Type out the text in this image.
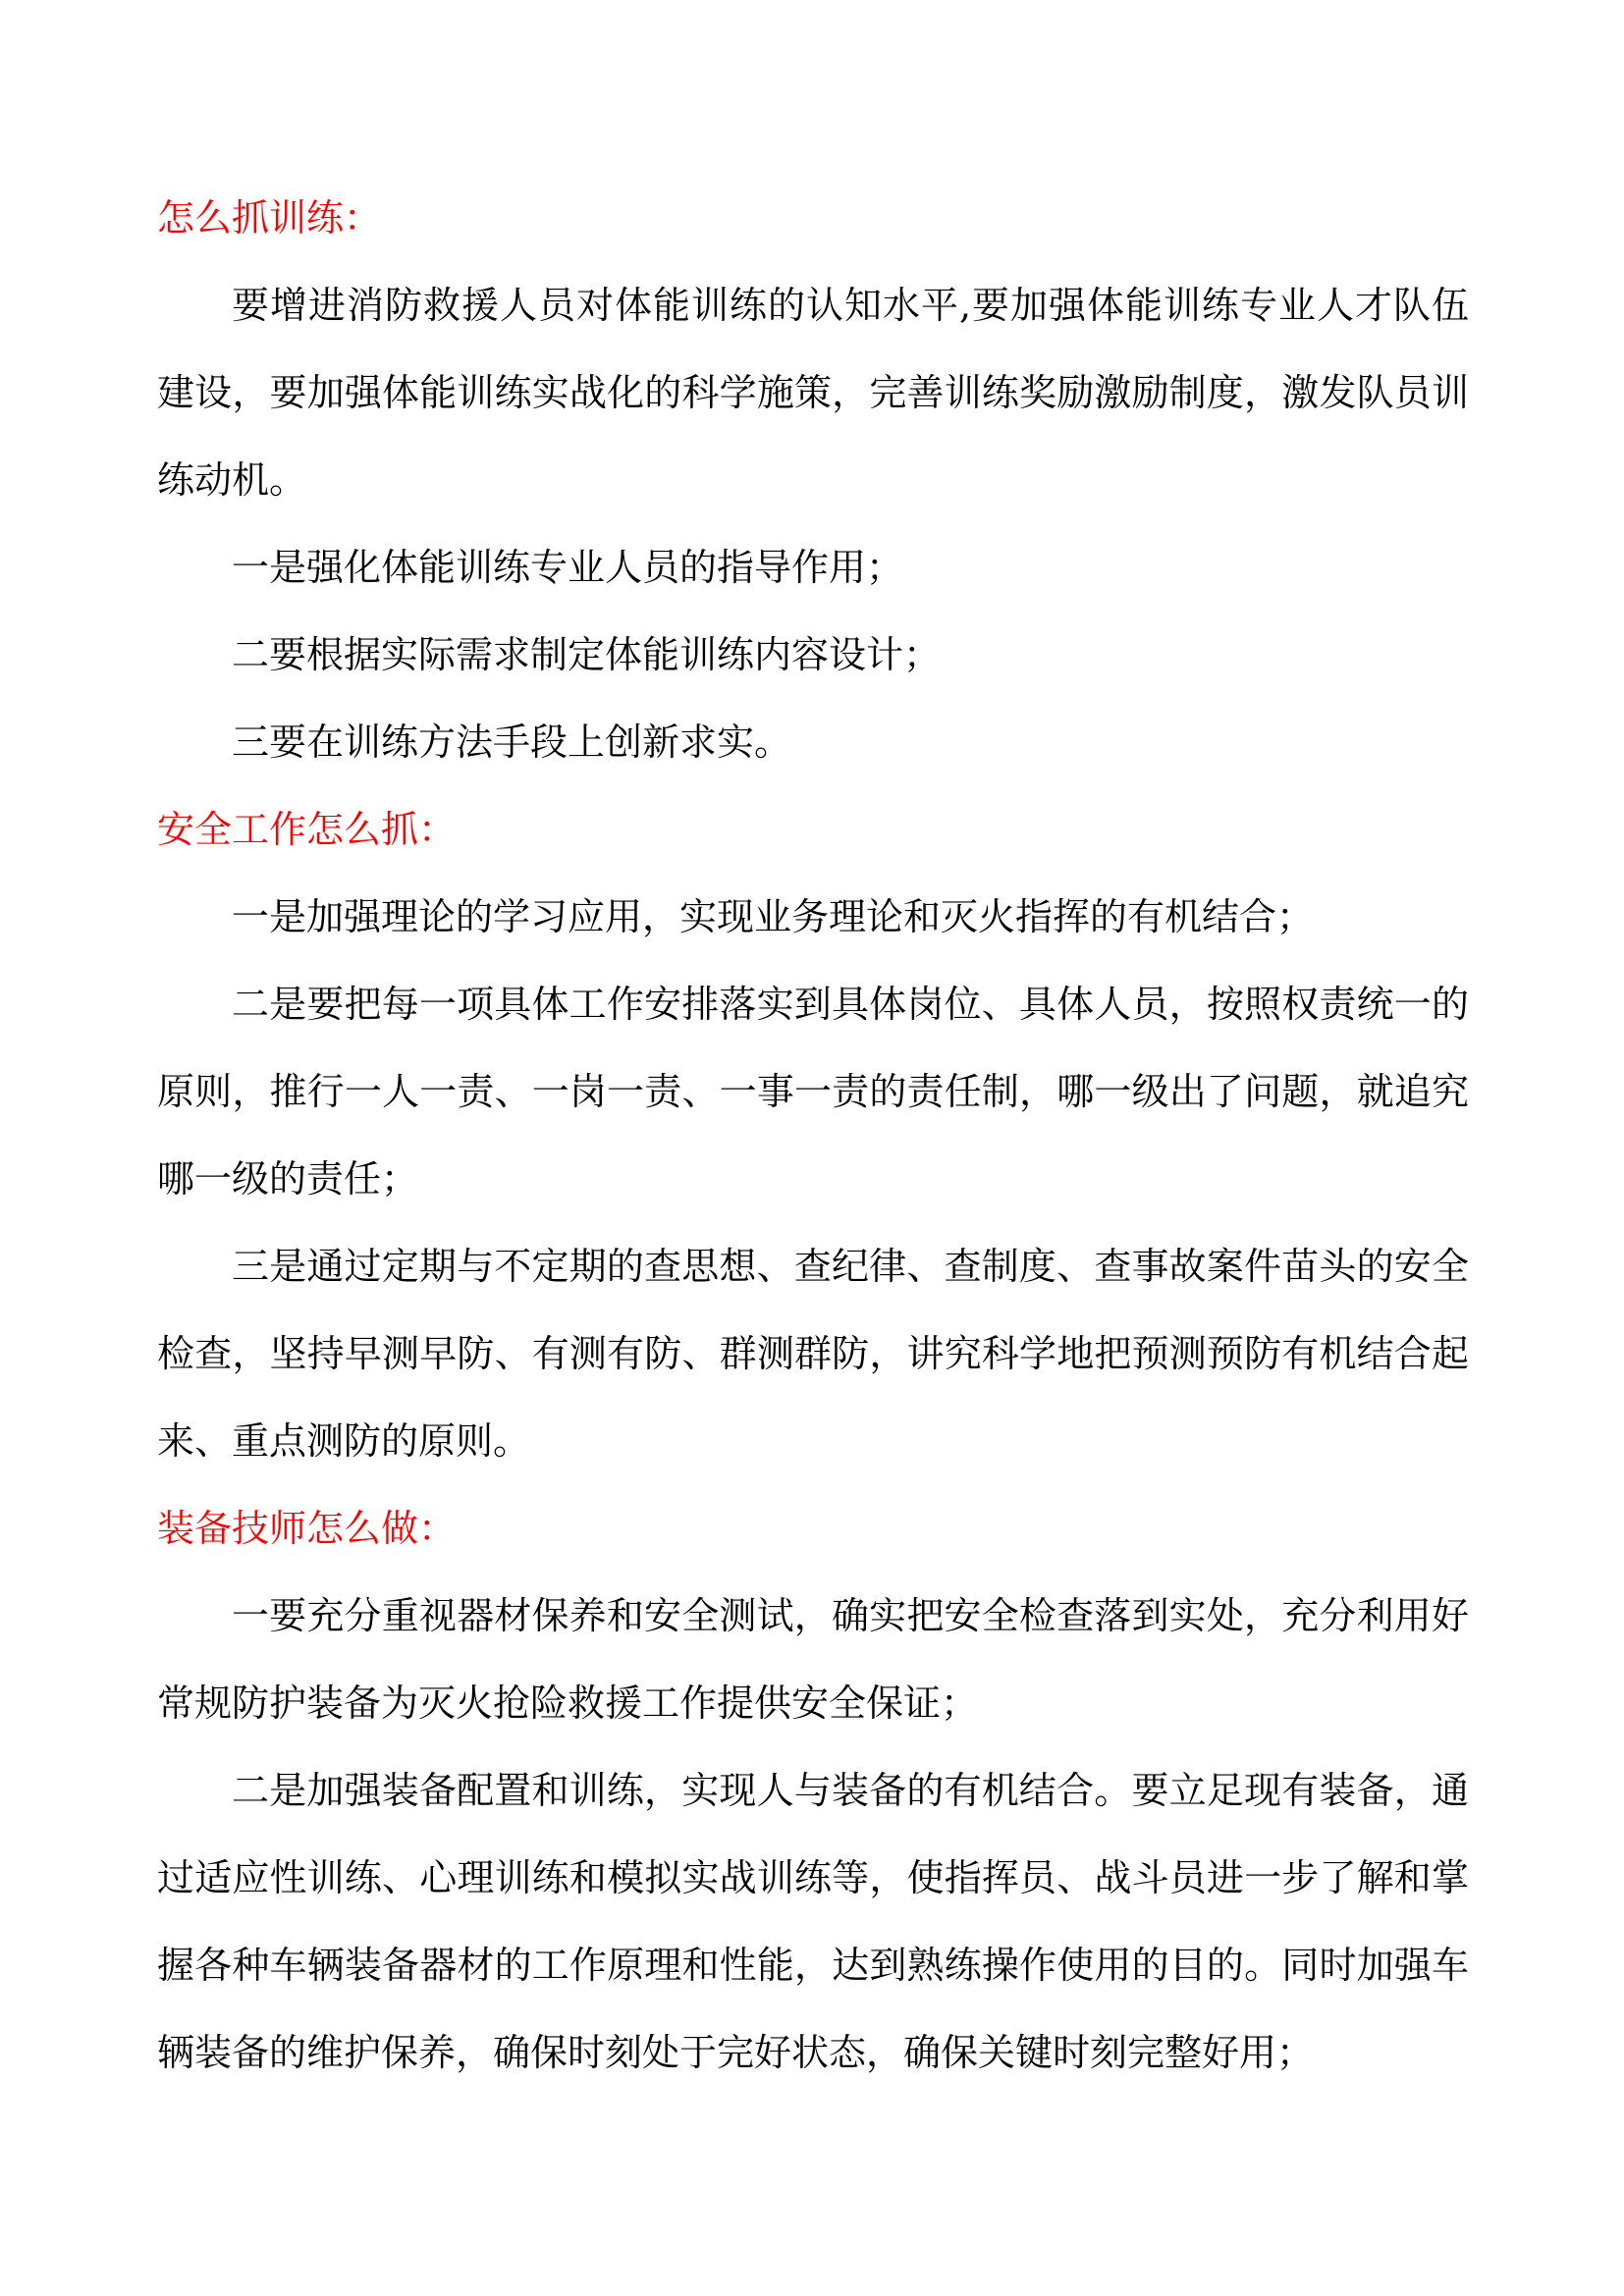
怎么抓训练：

要增进消防救援人员对体能训练的认知水平,要加强体能训练专业人才队伍建设，要加强体能训练实战化的科学施策，完善训练奖励激励制度，激发队员训练动机。

一是强化体能训练专业人员的指导作用；

二要根据实际需求制定体能训练内容设计；

三要在训练方法手段上创新求实。

安全工作怎么抓：

一是加强理论的学习应用，实现业务理论和灭火指挥的有机结合；

二是要把每一项具体工作安排落实到具体岗位、具体人员，按照权责统一的原则，推行一人一责、一岗一责、一事一责的责任制，哪一级出了问题，就追究哪一级的责任；

三是通过定期与不定期的查思想、查纪律、查制度、查事故案件苗头的安全检查，坚持早测早防、有测有防、群测群防，讲究科学地把预测预防有机结合起来、重点测防的原则。

装备技师怎么做：

一要充分重视器材保养和安全测试，确实把安全检查落到实处，充分利用好常规防护装备为灭火抢险救援工作提供安全保证；

二是加强装备配置和训练，实现人与装备的有机结合。要立足现有装备，通过适应性训练、心理训练和模拟实战训练等，使指挥员、战斗员进一步了解和掌握各种车辆装备器材的工作原理和性能，达到熟练操作使用的目的。同时加强车辆装备的维护保养，确保时刻处于完好状态，确保关键时刻完整好用；
